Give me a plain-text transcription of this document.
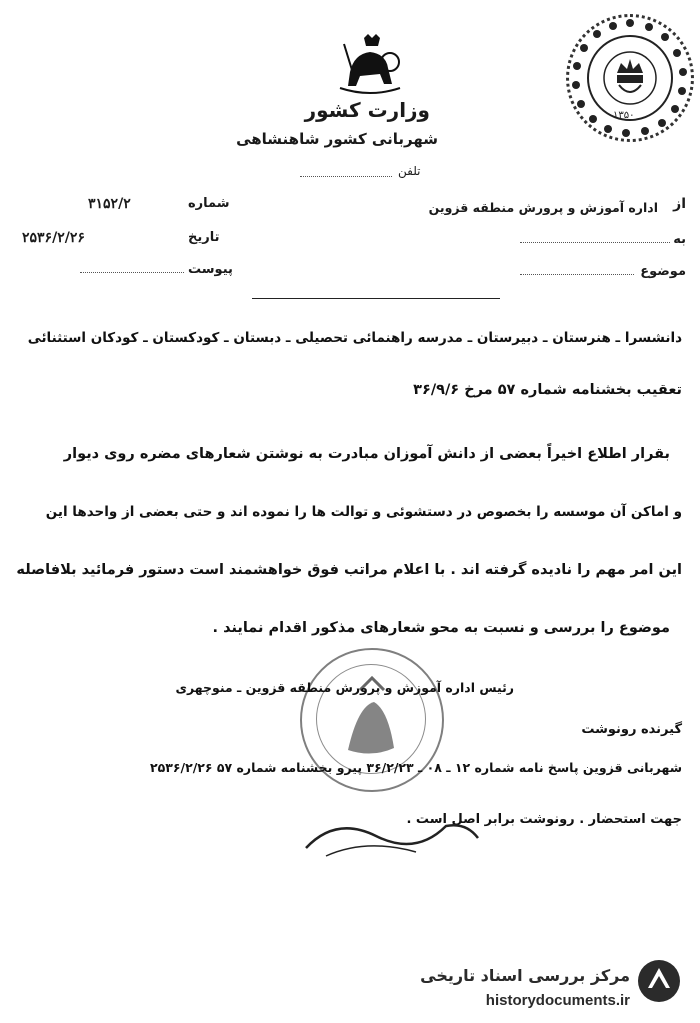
۱۳۵۰
وزارت کشور
شهربانی کشور شاهنشاهی
تلفن
شماره
۳۱۵۲/۲
تاریخ
۲۵۳۶/۲/۲۶
پیوست
از
اداره آموزش و پرورش منطقه قزوین
به
موضوع
دانشسرا ـ هنرستان ـ دبیرستان ـ مدرسه راهنمائی تحصیلی ـ دبستان ـ کودکستان ـ کودکان استثنائی
تعقیب بخشنامه شماره ۵۷ مرخ ۳۶/۹/۶
بقرار اطلاع اخیراً بعضی از دانش آموزان مبادرت به نوشتن شعارهای مضره روی دیوار
و اماکن آن موسسه را بخصوص در دستشوئی و توالت ها را نموده اند و حتی بعضی از واحدها این
این امر مهم را نادیده گرفته اند . با اعلام مراتب فوق خواهشمند است دستور فرمائید بلافاصله
موضوع را بررسی و نسبت به محو شعارهای مذکور اقدام نمایند .
رئیس اداره آموزش و پرورش منطقه قزوین ـ منوچهری
گیرنده رونوشت
شهربانی قزوین پاسخ نامه شماره ۱۲ ـ ۰۸ ـ ۳۶/۲/۲۳ پیرو بخشنامه شماره ۵۷ ۲۵۳۶/۲/۲۶
جهت استحضار . رونوشت برابر اصل است .
مرکز بررسی اسناد تاریخی
historydocuments.ir
